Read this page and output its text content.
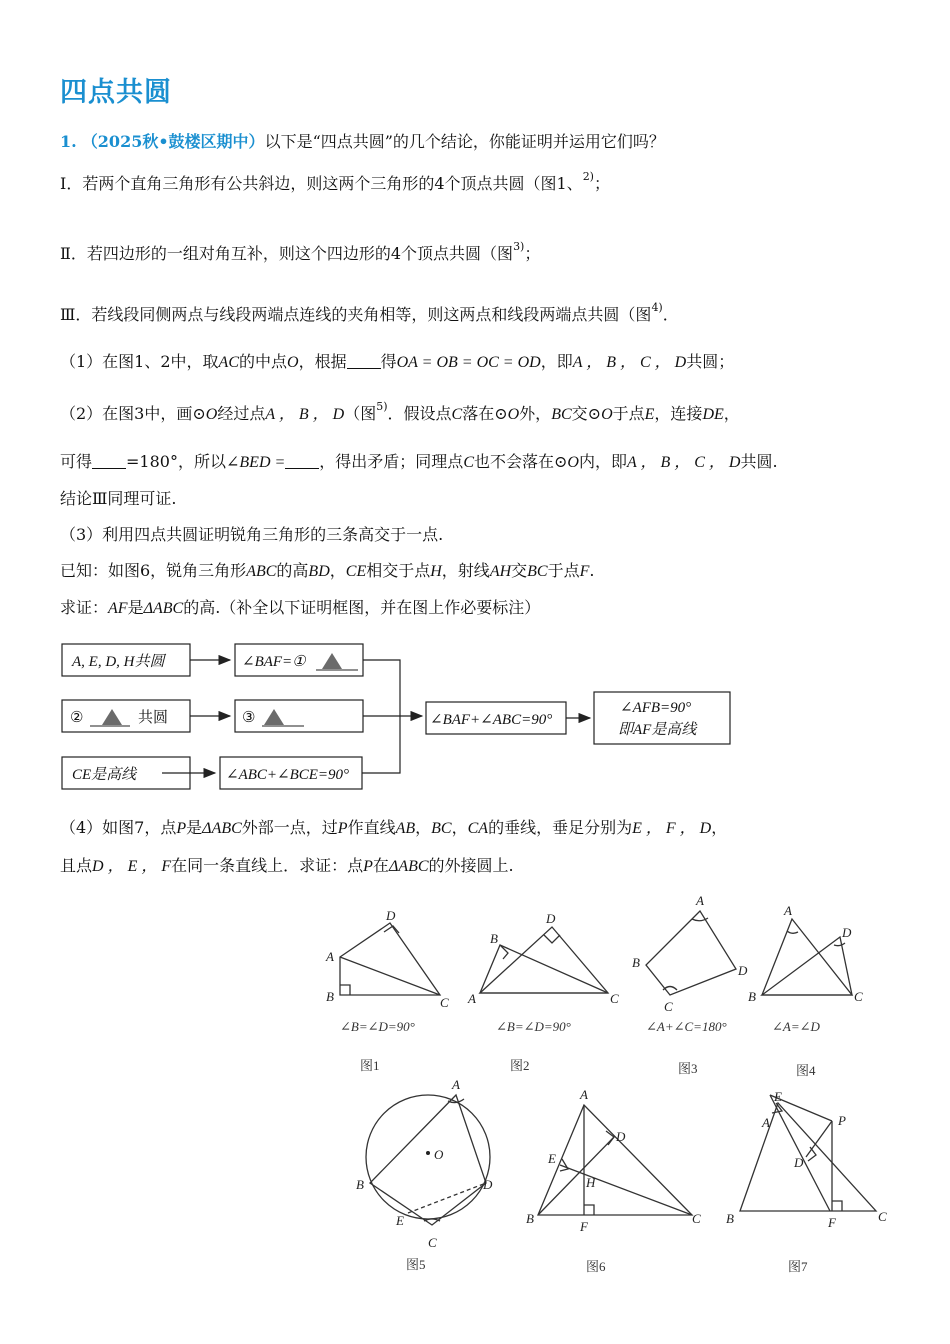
四点共圆
1. （2025秋•鼓楼区期中）以下是“四点共圆”的几个结论，你能证明并运用它们吗？
Ⅰ．若两个直角三角形有公共斜边，则这两个三角形的4个顶点共圆（图1、$^{2)}$；
Ⅱ．若四边形的一组对角互补，则这个四边形的4个顶点共圆（图$^{3)}$；
Ⅲ．若线段同侧两点与线段两端点连线的夹角相等，则这两点和线段两端点共圆（图$^{4)}$．
（1）在图1、2中，取AC的中点O，根据 得OA = OB = OC = OD，即A ， B ， C ， D共圆；
（2）在图3中，画⊙O经过点A ， B ， D（图$^{5)}$．假设点C落在⊙O外，BC交⊙O于点E，连接DE，
可得 =180°，所以∠BED = ，得出矛盾；同理点C也不会落在⊙O内，即A ， B ， C ， D共圆.
结论Ⅲ同理可证.
（3）利用四点共圆证明锐角三角形的三条高交于一点.
已知：如图6，锐角三角形ABC的高BD，CE相交于点H，射线AH交BC于点F.
求证：AF是ΔABC的高.（补全以下证明框图，并在图上作必要标注）
A, E, D, H共圆	∠BAF=①
②	共圆	③
CE是高线	∠ABC+∠BCE=90°
∠BAF+∠ABC=90°
∠AFB=90°
即AF是高线
（4）如图7，点P是ΔABC外部一点，过P作直线AB，BC，CA的垂线，垂足分别为E ， F ， D，
且点D ， E ， F在同一条直线上．求证：点P在ΔABC的外接圆上.
D
A
B	C
∠B=∠D=90°
图1
D
B
A	C
∠B=∠D=90°
图2
A
B
D
C
∠A+∠C=180°
图3
A
D
B	C
∠A=∠D
图4
A
O
B	D
E
C
图5
A
D
E
H
B
F
C
图6
E
A	P
D
B	F	C
图7
